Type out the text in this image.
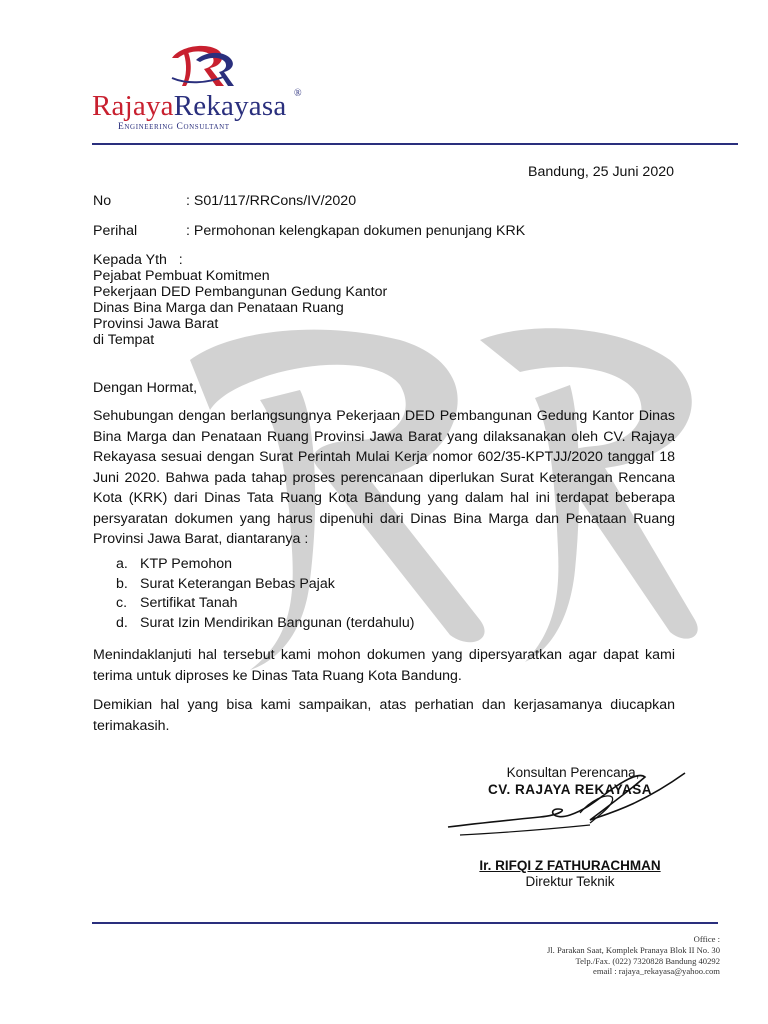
RajayaRekayasa ®
Engineering Consultant
Bandung, 25 Juni 2020
No	: S01/117/RRCons/IV/2020
Perihal	: Permohonan kelengkapan dokumen penunjang KRK
Kepada Yth   :
Pejabat Pembuat Komitmen
Pekerjaan DED Pembangunan Gedung Kantor
Dinas Bina Marga dan Penataan Ruang
Provinsi Jawa Barat
di Tempat
Dengan Hormat,
Sehubungan dengan berlangsungnya Pekerjaan DED Pembangunan Gedung Kantor Dinas Bina Marga dan Penataan Ruang Provinsi Jawa Barat yang dilaksanakan oleh CV. Rajaya Rekayasa sesuai dengan Surat Perintah Mulai Kerja nomor 602/35-KPTJJ/2020 tanggal 18 Juni 2020. Bahwa pada tahap proses perencanaan diperlukan Surat Keterangan Rencana Kota (KRK) dari Dinas Tata Ruang Kota Bandung yang dalam hal ini terdapat beberapa persyaratan dokumen yang harus dipenuhi dari Dinas Bina Marga dan Penataan Ruang Provinsi Jawa Barat, diantaranya :
a. KTP Pemohon
b. Surat Keterangan Bebas Pajak
c. Sertifikat Tanah
d. Surat Izin Mendirikan Bangunan (terdahulu)
Menindaklanjuti hal tersebut kami mohon dokumen yang dipersyaratkan agar dapat kami terima untuk diproses ke Dinas Tata Ruang Kota Bandung.
Demikian hal yang bisa kami sampaikan, atas perhatian dan kerjasamanya diucapkan terimakasih.
Konsultan Perencana,
CV. RAJAYA REKAYASA
Ir. RIFQI Z FATHURACHMAN
Direktur Teknik
Office :
Jl. Parakan Saat, Komplek Pranaya Blok II No. 30
Telp./Fax. (022) 7320828 Bandung 40292
email : rajaya_rekayasa@yahoo.com
